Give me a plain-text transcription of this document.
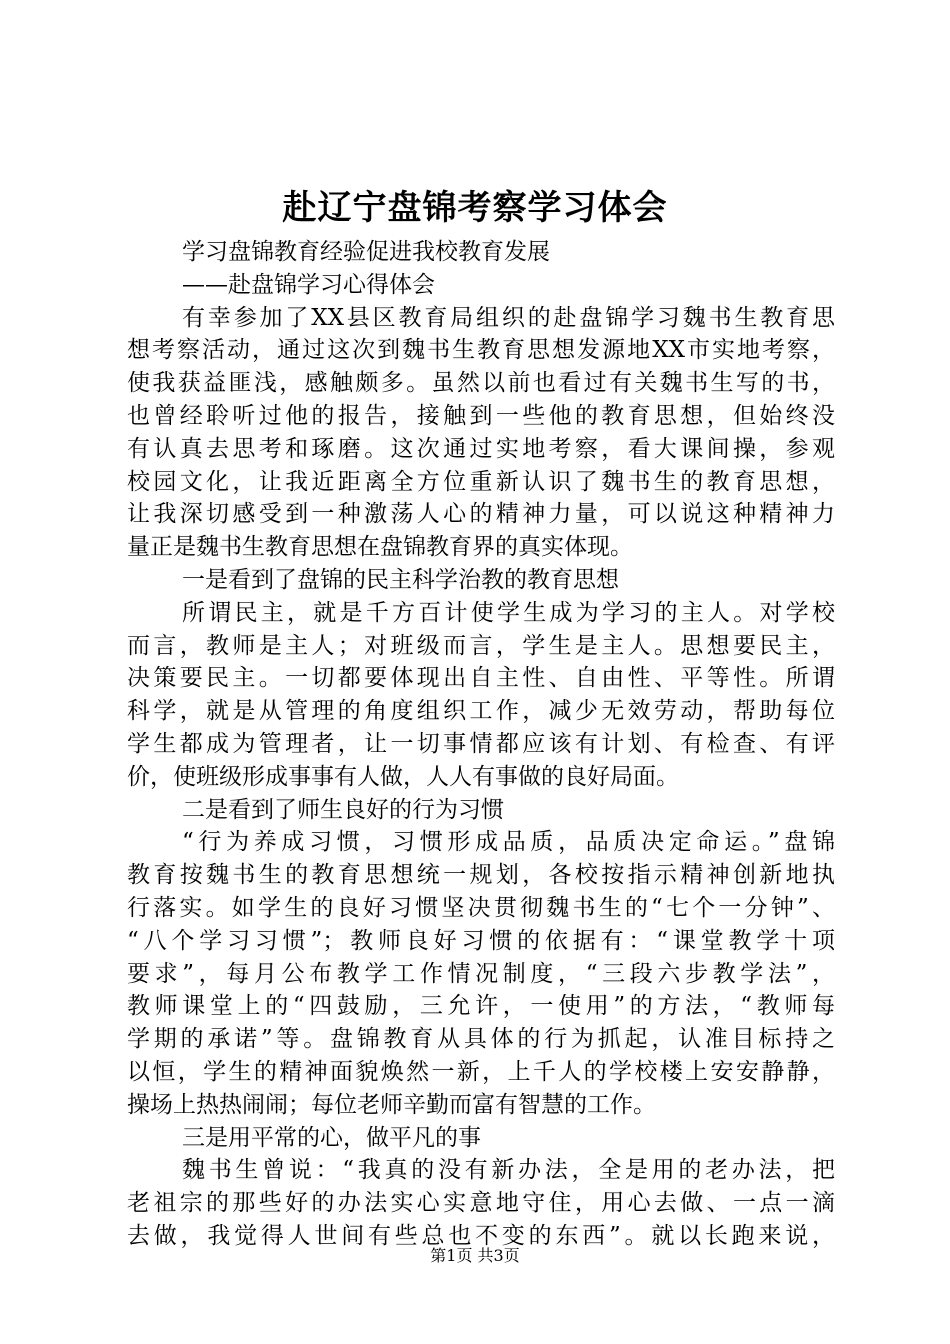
赴辽宁盘锦考察学习体会
学习盘锦教育经验促进我校教育发展
——赴盘锦学习心得体会
有幸参加了XX县区教育局组织的赴盘锦学习魏书生教育思
想考察活动，通过这次到魏书生教育思想发源地XX市实地考察，
使我获益匪浅，感触颇多。虽然以前也看过有关魏书生写的书，
也曾经聆听过他的报告，接触到一些他的教育思想，但始终没
有认真去思考和琢磨。这次通过实地考察，看大课间操，参观
校园文化，让我近距离全方位重新认识了魏书生的教育思想，
让我深切感受到一种激荡人心的精神力量，可以说这种精神力
量正是魏书生教育思想在盘锦教育界的真实体现。
一是看到了盘锦的民主科学治教的教育思想
所谓民主，就是千方百计使学生成为学习的主人。对学校
而言，教师是主人；对班级而言，学生是主人。思想要民主，
决策要民主。一切都要体现出自主性、自由性、平等性。所谓
科学，就是从管理的角度组织工作，减少无效劳动，帮助每位
学生都成为管理者，让一切事情都应该有计划、有检查、有评
价，使班级形成事事有人做，人人有事做的良好局面。
二是看到了师生良好的行为习惯
“行为养成习惯，习惯形成品质，品质决定命运。”盘锦
教育按魏书生的教育思想统一规划，各校按指示精神创新地执
行落实。如学生的良好习惯坚决贯彻魏书生的“七个一分钟”、
“八个学习习惯”；教师良好习惯的依据有：“课堂教学十项
要求”，每月公布教学工作情况制度，“三段六步教学法”，
教师课堂上的“四鼓励，三允许，一使用”的方法，“教师每
学期的承诺”等。盘锦教育从具体的行为抓起，认准目标持之
以恒，学生的精神面貌焕然一新，上千人的学校楼上安安静静，
操场上热热闹闹；每位老师辛勤而富有智慧的工作。
三是用平常的心，做平凡的事
魏书生曾说：“我真的没有新办法，全是用的老办法，把
老祖宗的那些好的办法实心实意地守住，用心去做、一点一滴
去做，我觉得人世间有些总也不变的东西”。就以长跑来说，
第1页 共3页
